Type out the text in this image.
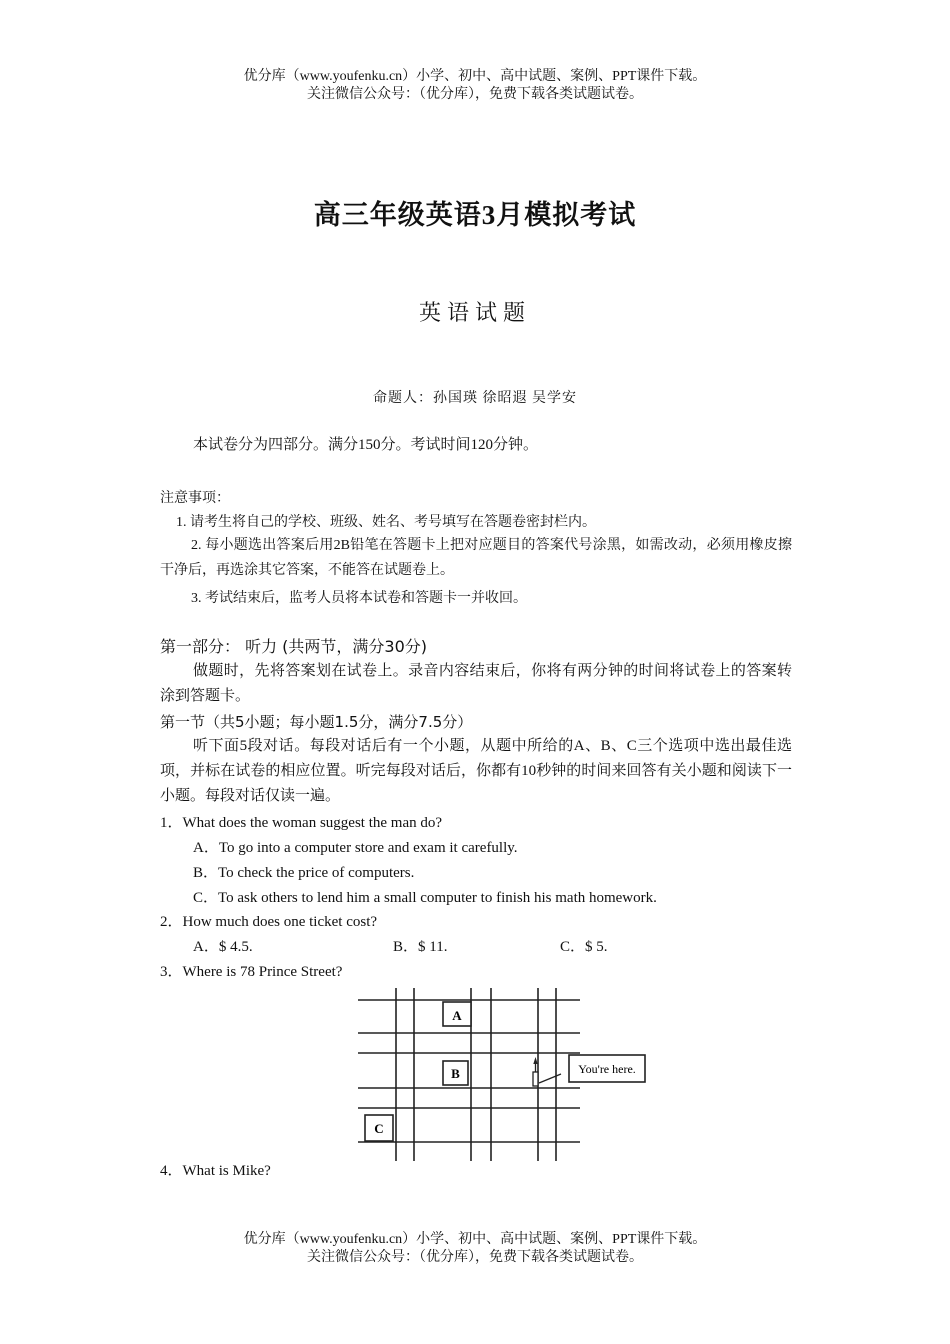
优分库（www.youfenku.cn）小学、初中、高中试题、案例、PPT课件下载。
关注微信公众号：（优分库），免费下载各类试题试卷。
高三年级英语3月模拟考试
英语试题
命题人：孙国瑛 徐昭遐 吴学安
本试卷分为四部分。满分150分。考试时间120分钟。
注意事项：
1. 请考生将自己的学校、班级、姓名、考号填写在答题卷密封栏内。

2. 每小题选出答案后用2B铅笔在答题卡上把对应题目的答案代号涂黑，如需改动，必须用橡皮擦干净后，再选涂其它答案，不能答在试题卷上。

3. 考试结束后，监考人员将本试卷和答题卡一并收回。
第一部分： 听力 (共两节，满分30分)

做题时，先将答案划在试卷上。录音内容结束后，你将有两分钟的时间将试卷上的答案转涂到答题卡。

第一节（共5小题；每小题1.5分，满分7.5分）

听下面5段对话。每段对话后有一个小题，从题中所给的A、B、C三个选项中选出最佳选项，并标在试卷的相应位置。听完每段对话后，你都有10秒钟的时间来回答有关小题和阅读下一小题。每段对话仅读一遍。

1．What does the woman suggest the man do?
A．To go into a computer store and exam it carefully.
B．To check the price of computers.
C．To ask others to lend him a small computer to finish his math homework.
2．How much does one ticket cost?
A．$ 4.5.	B．$ 11.	C．$ 5.
3．Where is 78 Prince Street?
A
B
C
You're here.
4．What is Mike?
优分库（www.youfenku.cn）小学、初中、高中试题、案例、PPT课件下载。
关注微信公众号：（优分库），免费下载各类试题试卷。
